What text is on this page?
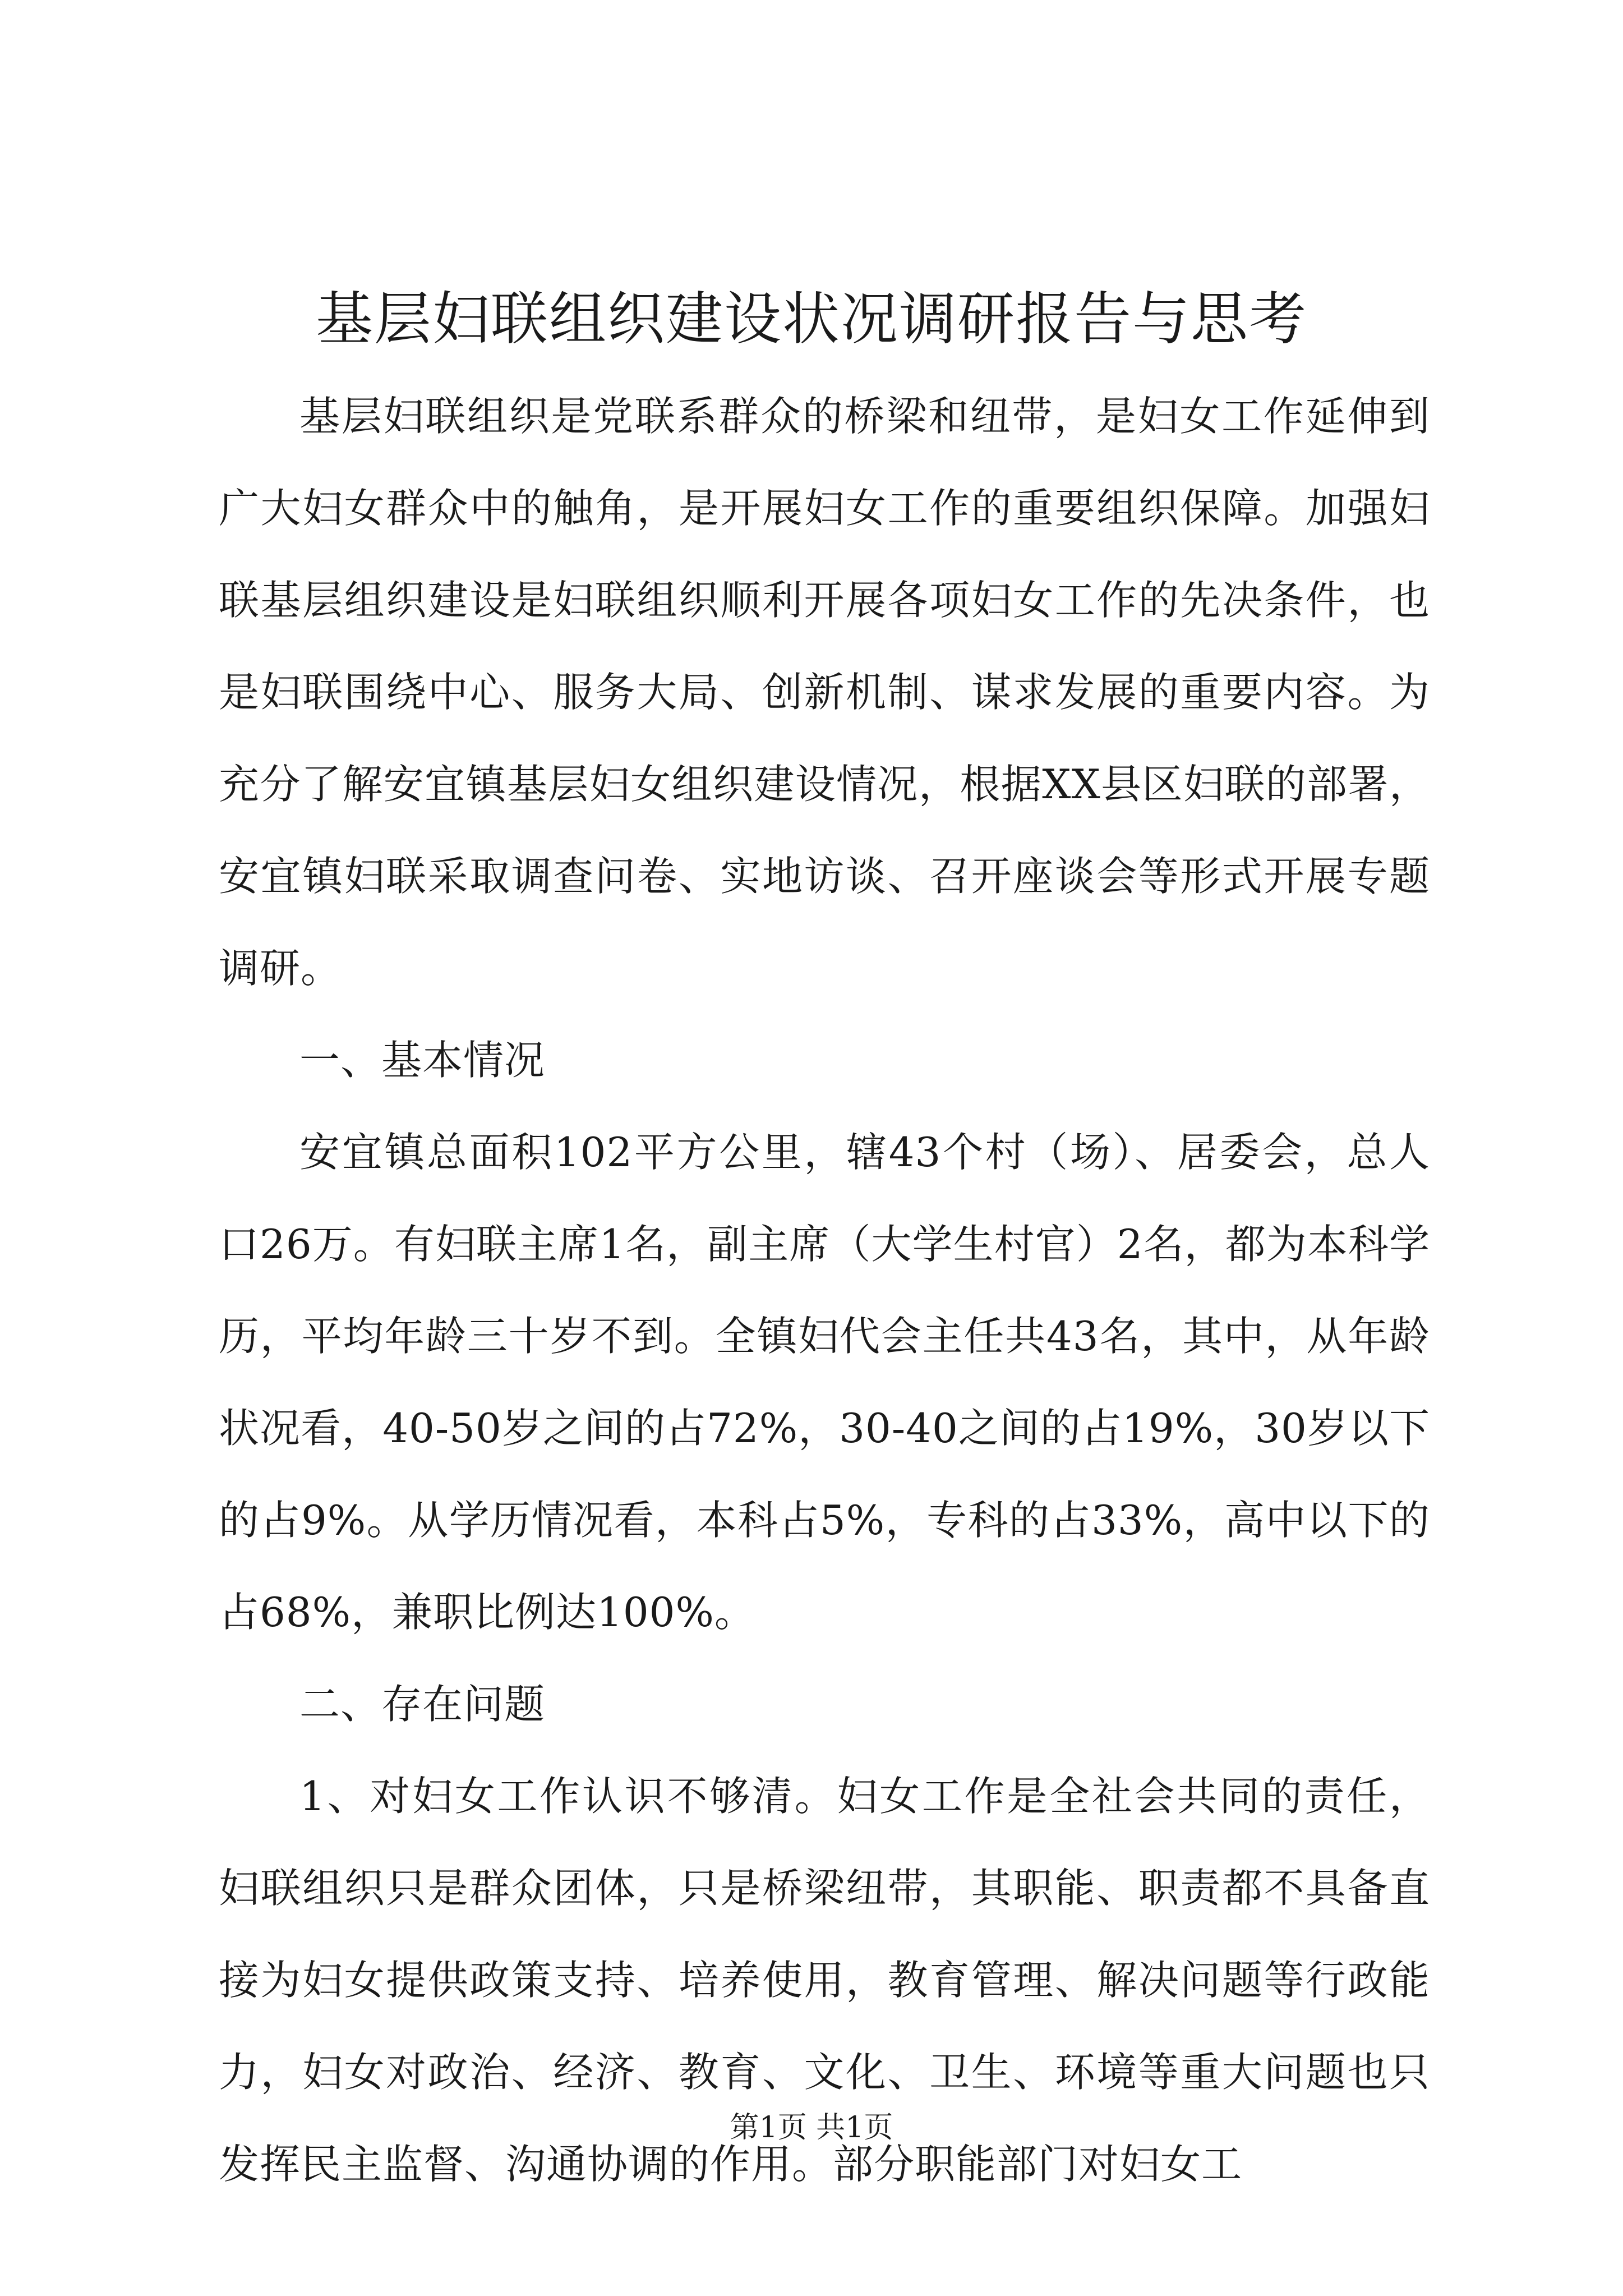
基层妇联组织建设状况调研报告与思考

基层妇联组织是党联系群众的桥梁和纽带，是妇女工作延伸到广大妇女群众中的触角，是开展妇女工作的重要组织保障。加强妇联基层组织建设是妇联组织顺利开展各项妇女工作的先决条件，也是妇联围绕中心、服务大局、创新机制、谋求发展的重要内容。为充分了解安宜镇基层妇女组织建设情况，根据XX县区妇联的部署，安宜镇妇联采取调查问卷、实地访谈、召开座谈会等形式开展专题调研。

一、基本情况

安宜镇总面积102平方公里，辖43个村（场）、居委会，总人口26万。有妇联主席1名，副主席（大学生村官）2名，都为本科学历，平均年龄三十岁不到。全镇妇代会主任共43名，其中，从年龄状况看，40-50岁之间的占72%，30-40之间的占19%，30岁以下的占9%。从学历情况看，本科占5%，专科的占33%，高中以下的占68%，兼职比例达100%。

二、存在问题

1、对妇女工作认识不够清。妇女工作是全社会共同的责任，妇联组织只是群众团体，只是桥梁纽带，其职能、职责都不具备直接为妇女提供政策支持、培养使用，教育管理、解决问题等行政能力，妇女对政治、经济、教育、文化、卫生、环境等重大问题也只发挥民主监督、沟通协调的作用。部分职能部门对妇女工

第1页 共1页
